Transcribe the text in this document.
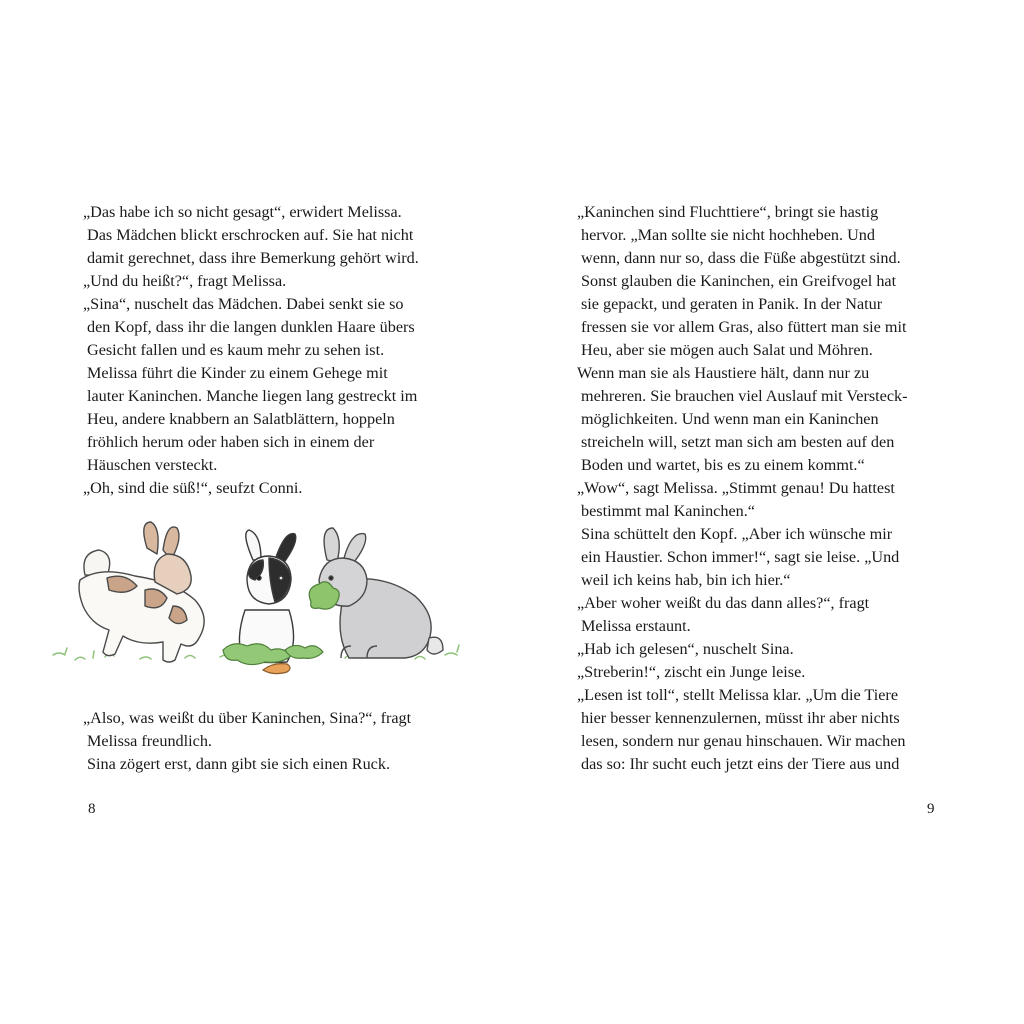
„Das habe ich so nicht gesagt“, erwidert Melissa.
Das Mädchen blickt erschrocken auf. Sie hat nicht
damit gerechnet, dass ihre Bemerkung gehört wird.
„Und du heißt?“, fragt Melissa.
„Sina“, nuschelt das Mädchen. Dabei senkt sie so
den Kopf, dass ihr die langen dunklen Haare übers
Gesicht fallen und es kaum mehr zu sehen ist.
Melissa führt die Kinder zu einem Gehege mit
lauter Kaninchen. Manche liegen lang gestreckt im
Heu, andere knabbern an Salatblättern, hoppeln
fröhlich herum oder haben sich in einem der
Häuschen versteckt.
„Oh, sind die süß!“, seufzt Conni.
„Also, was weißt du über Kaninchen, Sina?“, fragt
Melissa freundlich.
Sina zögert erst, dann gibt sie sich einen Ruck.
8
„Kaninchen sind Fluchttiere“, bringt sie hastig
hervor. „Man sollte sie nicht hochheben. Und
wenn, dann nur so, dass die Füße abgestützt sind.
Sonst glauben die Kaninchen, ein Greifvogel hat
sie gepackt, und geraten in Panik. In der Natur
fressen sie vor allem Gras, also füttert man sie mit
Heu, aber sie mögen auch Salat und Möhren.
Wenn man sie als Haustiere hält, dann nur zu
mehreren. Sie brauchen viel Auslauf mit Versteck-
möglichkeiten. Und wenn man ein Kaninchen
streicheln will, setzt man sich am besten auf den
Boden und wartet, bis es zu einem kommt.“
„Wow“, sagt Melissa. „Stimmt genau! Du hattest
bestimmt mal Kaninchen.“
Sina schüttelt den Kopf. „Aber ich wünsche mir
ein Haustier. Schon immer!“, sagt sie leise. „Und
weil ich keins hab, bin ich hier.“
„Aber woher weißt du das dann alles?“, fragt
Melissa erstaunt.
„Hab ich gelesen“, nuschelt Sina.
„Streberin!“, zischt ein Junge leise.
„Lesen ist toll“, stellt Melissa klar. „Um die Tiere
hier besser kennenzulernen, müsst ihr aber nichts
lesen, sondern nur genau hinschauen. Wir machen
das so: Ihr sucht euch jetzt eins der Tiere aus und
9
